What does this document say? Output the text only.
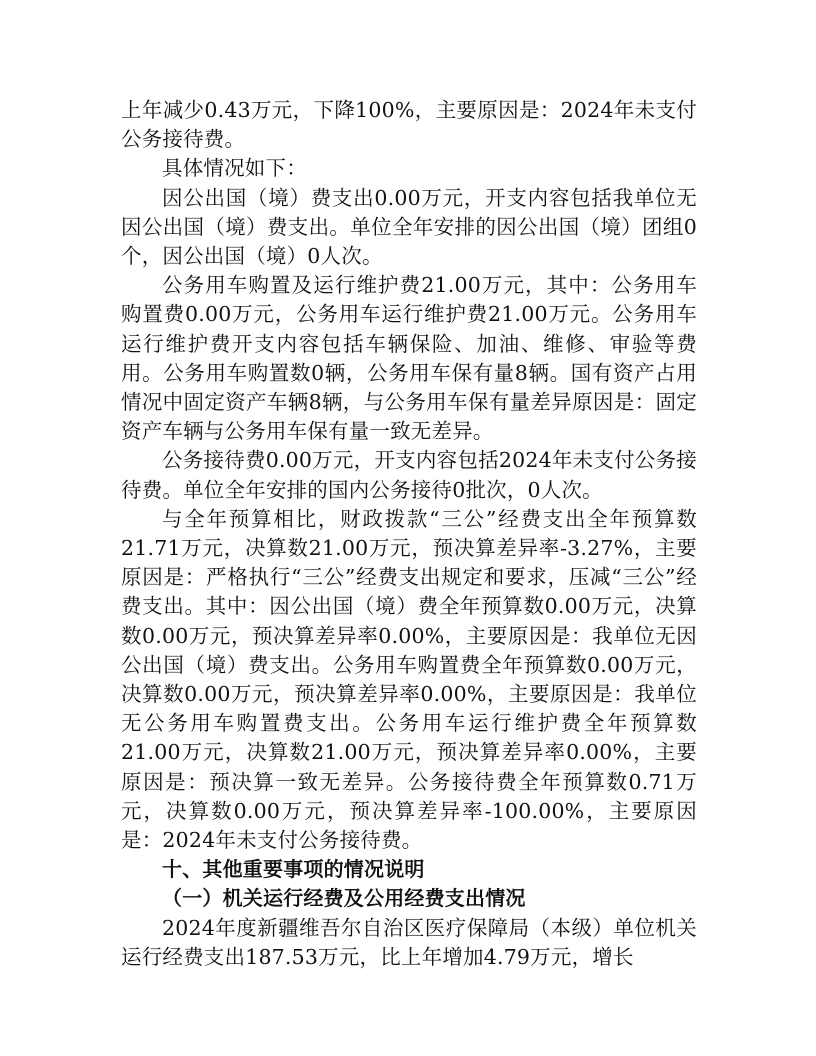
上年减少0.43万元，下降100%，主要原因是：2024年未支付公务接待费。

具体情况如下：

因公出国（境）费支出0.00万元，开支内容包括我单位无因公出国（境）费支出。单位全年安排的因公出国（境）团组0个，因公出国（境）0人次。

公务用车购置及运行维护费21.00万元，其中：公务用车购置费0.00万元，公务用车运行维护费21.00万元。公务用车运行维护费开支内容包括车辆保险、加油、维修、审验等费用。公务用车购置数0辆，公务用车保有量8辆。国有资产占用情况中固定资产车辆8辆，与公务用车保有量差异原因是：固定资产车辆与公务用车保有量一致无差异。

公务接待费0.00万元，开支内容包括2024年未支付公务接待费。单位全年安排的国内公务接待0批次，0人次。

与全年预算相比，财政拨款“三公”经费支出全年预算数21.71万元，决算数21.00万元，预决算差异率-3.27%，主要原因是：严格执行“三公”经费支出规定和要求，压减“三公”经费支出。其中：因公出国（境）费全年预算数0.00万元，决算数0.00万元，预决算差异率0.00%，主要原因是：我单位无因公出国（境）费支出。公务用车购置费全年预算数0.00万元，决算数0.00万元，预决算差异率0.00%，主要原因是：我单位无公务用车购置费支出。公务用车运行维护费全年预算数21.00万元，决算数21.00万元，预决算差异率0.00%，主要原因是：预决算一致无差异。公务接待费全年预算数0.71万元，决算数0.00万元，预决算差异率-100.00%，主要原因是：2024年未支付公务接待费。

十、其他重要事项的情况说明

（一）机关运行经费及公用经费支出情况

2024年度新疆维吾尔自治区医疗保障局（本级）单位机关运行经费支出187.53万元，比上年增加4.79万元，增长
